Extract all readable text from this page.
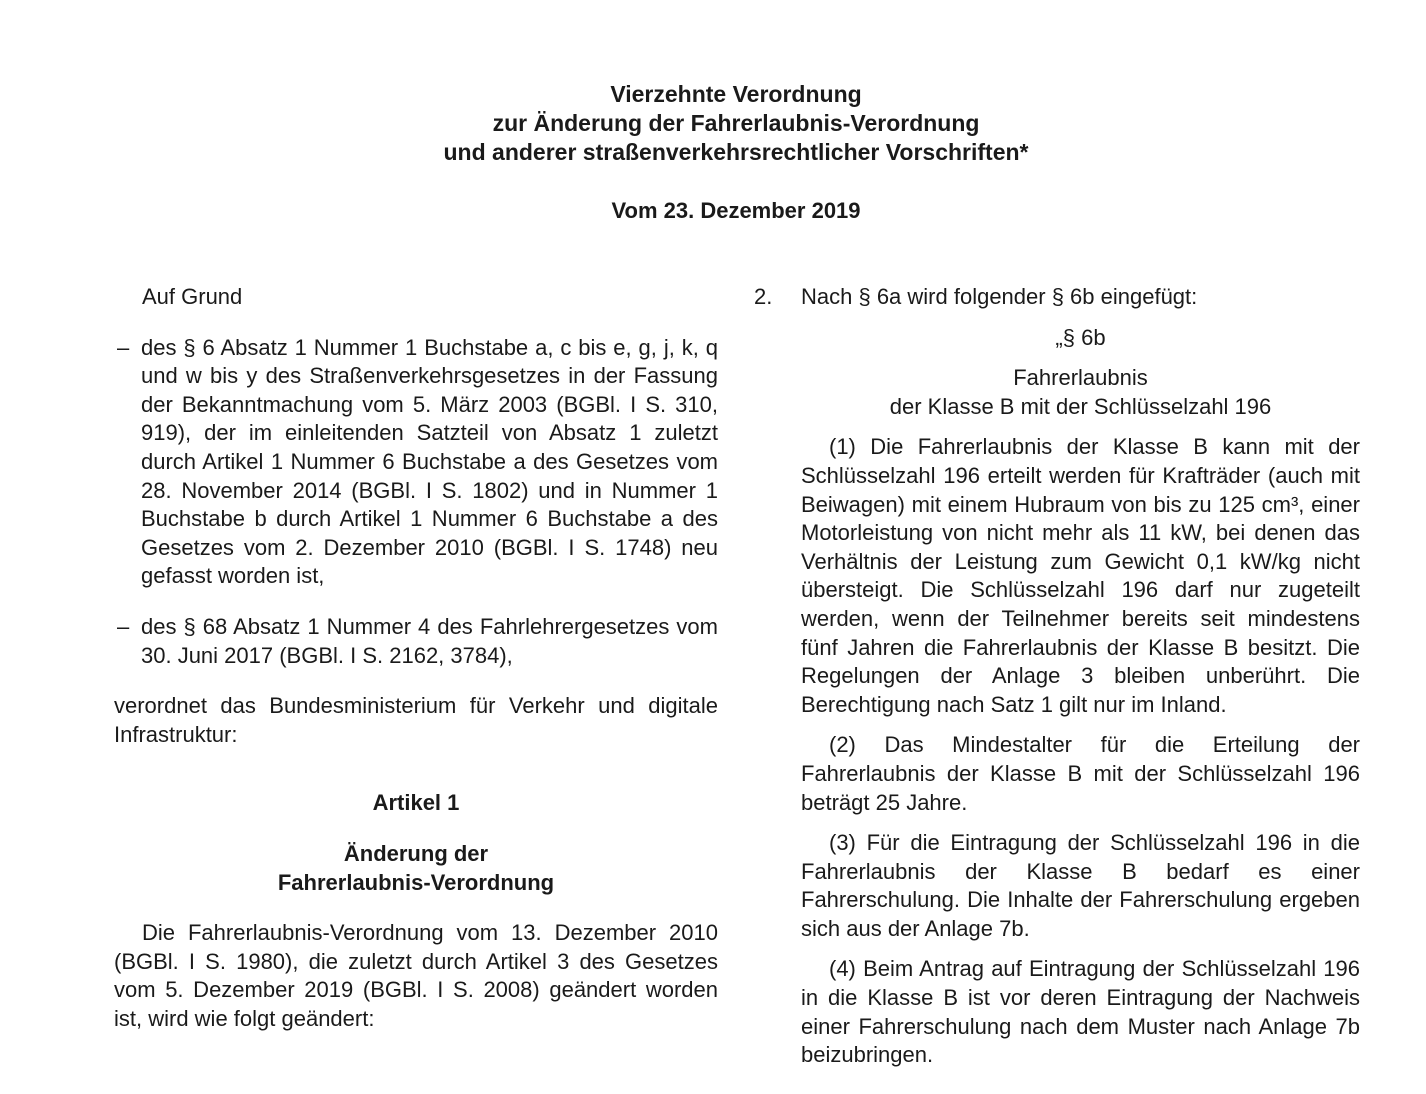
Vierzehnte Verordnung
zur Änderung der Fahrerlaubnis-Verordnung
und anderer straßenverkehrsrechtlicher Vorschriften*
Vom 23. Dezember 2019

Auf Grund

– des § 6 Absatz 1 Nummer 1 Buchstabe a, c bis e, g, j, k, q und w bis y des Straßenverkehrsgesetzes in der Fassung der Bekanntmachung vom 5. März 2003 (BGBl. I S. 310, 919), der im einleitenden Satzteil von Absatz 1 zuletzt durch Artikel 1 Nummer 6 Buchstabe a des Gesetzes vom 28. November 2014 (BGBl. I S. 1802) und in Nummer 1 Buchstabe b durch Artikel 1 Nummer 6 Buchstabe a des Gesetzes vom 2. Dezember 2010 (BGBl. I S. 1748) neu gefasst worden ist,

– des § 68 Absatz 1 Nummer 4 des Fahrlehrergesetzes vom 30. Juni 2017 (BGBl. I S. 2162, 3784),

verordnet das Bundesministerium für Verkehr und digitale Infrastruktur:

Artikel 1

Änderung der

Fahrerlaubnis-Verordnung

Die Fahrerlaubnis-Verordnung vom 13. Dezember 2010 (BGBl. I S. 1980), die zuletzt durch Artikel 3 des Gesetzes vom 5. Dezember 2019 (BGBl. I S. 2008) geändert worden ist, wird wie folgt geändert:

2. Nach § 6a wird folgender § 6b eingefügt:

„§ 6b

Fahrerlaubnis

der Klasse B mit der Schlüsselzahl 196

(1) Die Fahrerlaubnis der Klasse B kann mit der Schlüsselzahl 196 erteilt werden für Krafträder (auch mit Beiwagen) mit einem Hubraum von bis zu 125 cm³, einer Motorleistung von nicht mehr als 11 kW, bei denen das Verhältnis der Leistung zum Gewicht 0,1 kW/kg nicht übersteigt. Die Schlüsselzahl 196 darf nur zugeteilt werden, wenn der Teilnehmer bereits seit mindestens fünf Jahren die Fahrerlaubnis der Klasse B besitzt. Die Regelungen der Anlage 3 bleiben unberührt. Die Berechtigung nach Satz 1 gilt nur im Inland.

(2) Das Mindestalter für die Erteilung der Fahrerlaubnis der Klasse B mit der Schlüsselzahl 196 beträgt 25 Jahre.

(3) Für die Eintragung der Schlüsselzahl 196 in die Fahrerlaubnis der Klasse B bedarf es einer Fahrerschulung. Die Inhalte der Fahrerschulung ergeben sich aus der Anlage 7b.

(4) Beim Antrag auf Eintragung der Schlüsselzahl 196 in die Klasse B ist vor deren Eintragung der Nachweis einer Fahrerschulung nach dem Muster nach Anlage 7b beizubringen.
